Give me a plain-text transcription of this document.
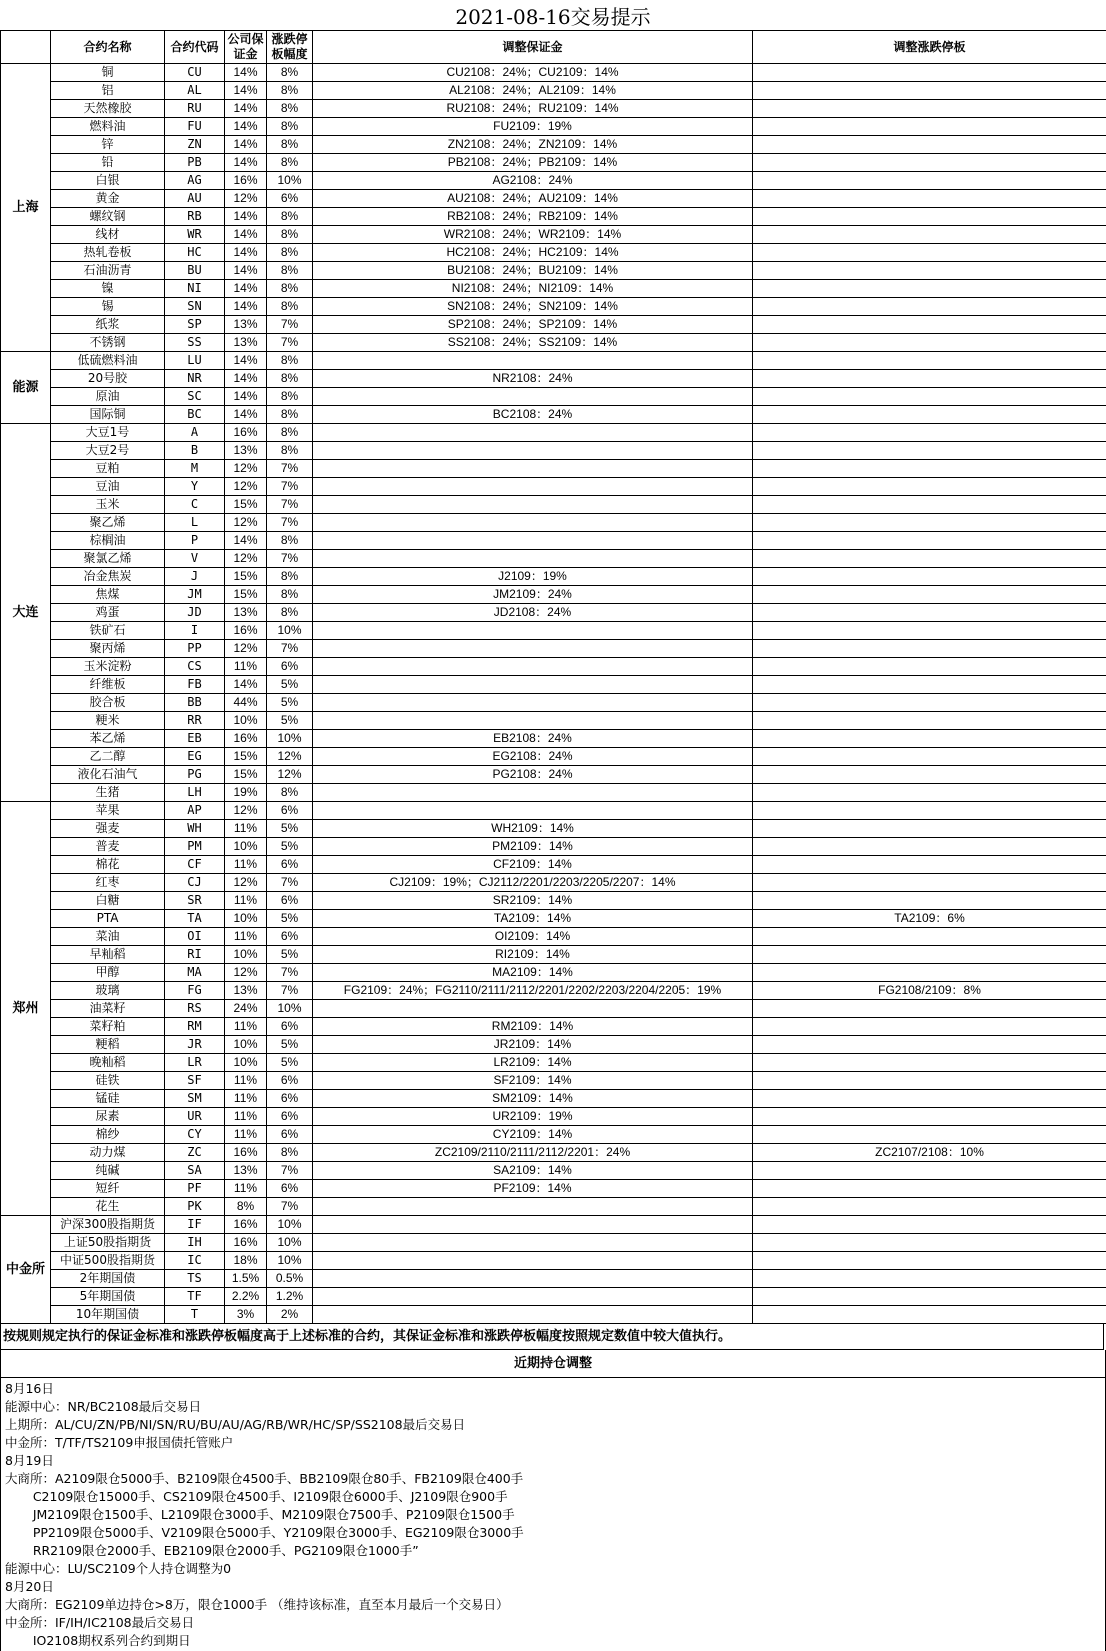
2021-08-16交易提示
	合约名称	合约代码	公司保证金	涨跌停板幅度	调整保证金	调整涨跌停板
上海	铜	CU	14%	8%	CU2108：24%；CU2109：14%	
	铝	AL	14%	8%	AL2108：24%；AL2109：14%	
	天然橡胶	RU	14%	8%	RU2108：24%；RU2109：14%	
	燃料油	FU	14%	8%	FU2109：19%	
	锌	ZN	14%	8%	ZN2108：24%；ZN2109：14%	
	铅	PB	14%	8%	PB2108：24%；PB2109：14%	
	白银	AG	16%	10%	AG2108：24%	
	黄金	AU	12%	6%	AU2108：24%；AU2109：14%	
	螺纹钢	RB	14%	8%	RB2108：24%；RB2109：14%	
	线材	WR	14%	8%	WR2108：24%；WR2109：14%	
	热轧卷板	HC	14%	8%	HC2108：24%；HC2109：14%	
	石油沥青	BU	14%	8%	BU2108：24%；BU2109：14%	
	镍	NI	14%	8%	NI2108：24%；NI2109：14%	
	锡	SN	14%	8%	SN2108：24%；SN2109：14%	
	纸浆	SP	13%	7%	SP2108：24%；SP2109：14%	
	不锈钢	SS	13%	7%	SS2108：24%；SS2109：14%	
能源	低硫燃料油	LU	14%	8%		
	20号胶	NR	14%	8%	NR2108：24%	
	原油	SC	14%	8%		
	国际铜	BC	14%	8%	BC2108：24%	
大连	大豆1号	A	16%	8%		
	大豆2号	B	13%	8%		
	豆粕	M	12%	7%		
	豆油	Y	12%	7%		
	玉米	C	15%	7%		
	聚乙烯	L	12%	7%		
	棕榈油	P	14%	8%		
	聚氯乙烯	V	12%	7%		
	冶金焦炭	J	15%	8%	J2109：19%	
	焦煤	JM	15%	8%	JM2109：24%	
	鸡蛋	JD	13%	8%	JD2108：24%	
	铁矿石	I	16%	10%		
	聚丙烯	PP	12%	7%		
	玉米淀粉	CS	11%	6%		
	纤维板	FB	14%	5%		
	胶合板	BB	44%	5%		
	粳米	RR	10%	5%		
	苯乙烯	EB	16%	10%	EB2108：24%	
	乙二醇	EG	15%	12%	EG2108：24%	
	液化石油气	PG	15%	12%	PG2108：24%	
	生猪	LH	19%	8%		
郑州	苹果	AP	12%	6%		
	强麦	WH	11%	5%	WH2109：14%	
	普麦	PM	10%	5%	PM2109：14%	
	棉花	CF	11%	6%	CF2109：14%	
	红枣	CJ	12%	7%	CJ2109：19%；CJ2112/2201/2203/2205/2207：14%	
	白糖	SR	11%	6%	SR2109：14%	
	PTA	TA	10%	5%	TA2109：14%	TA2109：6%
	菜油	OI	11%	6%	OI2109：14%	
	早籼稻	RI	10%	5%	RI2109：14%	
	甲醇	MA	12%	7%	MA2109：14%	
	玻璃	FG	13%	7%	FG2109：24%；FG2110/2111/2112/2201/2202/2203/2204/2205：19%	FG2108/2109：8%
	油菜籽	RS	24%	10%		
	菜籽粕	RM	11%	6%	RM2109：14%	
	粳稻	JR	10%	5%	JR2109：14%	
	晚籼稻	LR	10%	5%	LR2109：14%	
	硅铁	SF	11%	6%	SF2109：14%	
	锰硅	SM	11%	6%	SM2109：14%	
	尿素	UR	11%	6%	UR2109：19%	
	棉纱	CY	11%	6%	CY2109：14%	
	动力煤	ZC	16%	8%	ZC2109/2110/2111/2112/2201：24%	ZC2107/2108：10%
	纯碱	SA	13%	7%	SA2109：14%	
	短纤	PF	11%	6%	PF2109：14%	
	花生	PK	8%	7%		
中金所	沪深300股指期货	IF	16%	10%		
	上证50股指期货	IH	16%	10%		
	中证500股指期货	IC	18%	10%		
	2年期国债	TS	1.5%	0.5%		
	5年期国债	TF	2.2%	1.2%		
	10年期国债	T	3%	2%		
按规则规定执行的保证金标准和涨跌停板幅度高于上述标准的合约，其保证金标准和涨跌停板幅度按照规定数值中较大值执行。
近期持仓调整
8月16日
能源中心：NR/BC2108最后交易日
上期所：AL/CU/ZN/PB/NI/SN/RU/BU/AU/AG/RB/WR/HC/SP/SS2108最后交易日
中金所：T/TF/TS2109申报国债托管账户
8月19日
大商所：A2109限仓5000手、B2109限仓4500手、BB2109限仓80手、FB2109限仓400手
C2109限仓15000手、CS2109限仓4500手、I2109限仓6000手、J2109限仓900手
JM2109限仓1500手、L2109限仓3000手、M2109限仓7500手、P2109限仓1500手
PP2109限仓5000手、V2109限仓5000手、Y2109限仓3000手、EG2109限仓3000手
RR2109限仓2000手、EB2109限仓2000手、PG2109限仓1000手”
能源中心：LU/SC2109个人持仓调整为0
8月20日
大商所：EG2109单边持仓>8万，限仓1000手 （维持该标准，直至本月最后一个交易日）
中金所：IF/IH/IC2108最后交易日
IO2108期权系列合约到期日
